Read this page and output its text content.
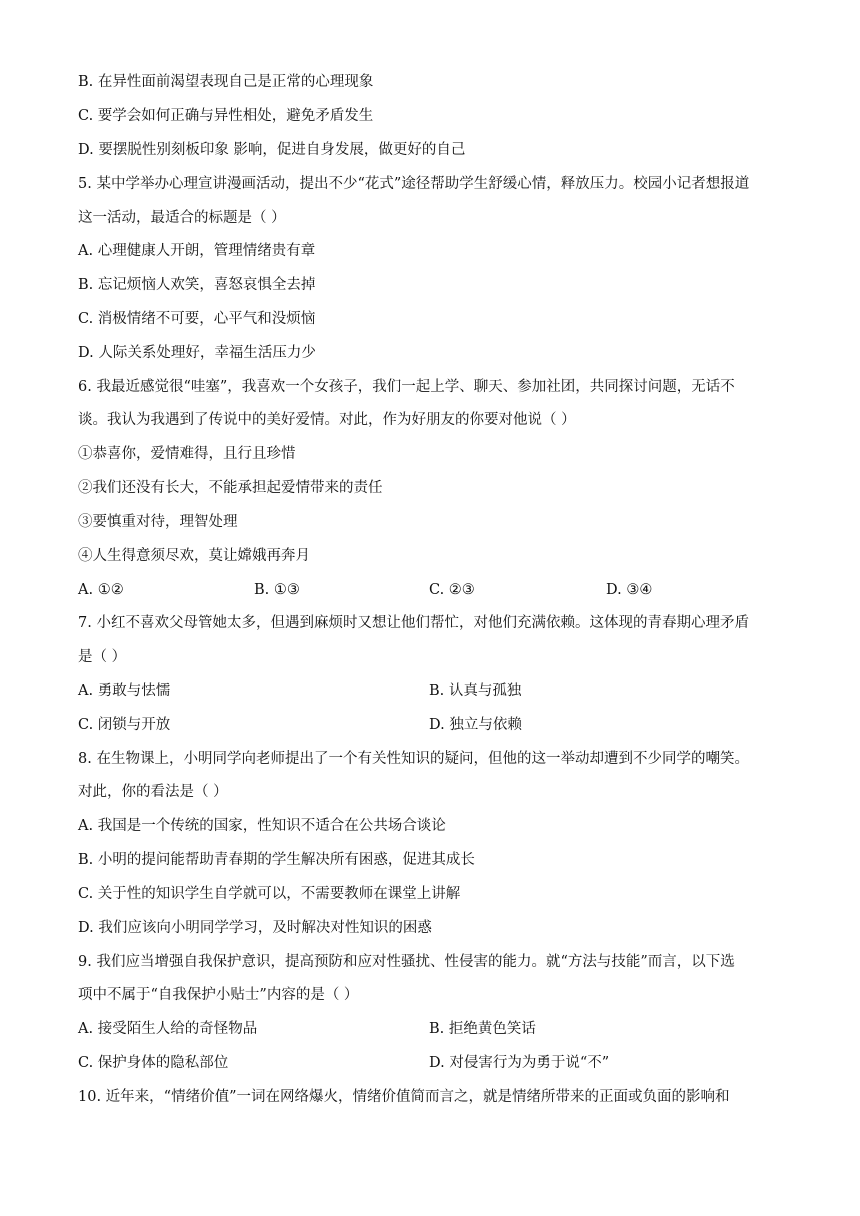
B. 在异性面前渴望表现自己是正常的心理现象
C. 要学会如何正确与异性相处，避免矛盾发生
D. 要摆脱性别刻板印象 影响，促进自身发展，做更好的自己
5. 某中学举办心理宣讲漫画活动，提出不少“花式”途径帮助学生舒缓心情，释放压力。校园小记者想报道
这一活动，最适合的标题是（ ）
A. 心理健康人开朗，管理情绪贵有章
B. 忘记烦恼人欢笑，喜怒哀惧全去掉
C. 消极情绪不可要，心平气和没烦恼
D. 人际关系处理好，幸福生活压力少
6. 我最近感觉很“哇塞”，我喜欢一个女孩子，我们一起上学、聊天、参加社团，共同探讨问题，无话不
谈。我认为我遇到了传说中的美好爱情。对此，作为好朋友的你要对他说（ ）
①恭喜你，爱情难得，且行且珍惜
②我们还没有长大，不能承担起爱情带来的责任
③要慎重对待，理智处理
④人生得意须尽欢，莫让嫦娥再奔月
A. ①②	B. ①③	C. ②③	D. ③④
7. 小红不喜欢父母管她太多，但遇到麻烦时又想让他们帮忙，对他们充满依赖。这体现的青春期心理矛盾
是（ ）
A. 勇敢与怯懦	B. 认真与孤独
C. 闭锁与开放	D. 独立与依赖
8. 在生物课上，小明同学向老师提出了一个有关性知识的疑问，但他的这一举动却遭到不少同学的嘲笑。
对此，你的看法是（ ）
A. 我国是一个传统的国家，性知识不适合在公共场合谈论
B. 小明的提问能帮助青春期的学生解决所有困惑，促进其成长
C. 关于性的知识学生自学就可以，不需要教师在课堂上讲解
D. 我们应该向小明同学学习，及时解决对性知识的困惑
9. 我们应当增强自我保护意识，提高预防和应对性骚扰、性侵害的能力。就“方法与技能”而言，以下选
项中不属于“自我保护小贴士”内容的是（ ）
A. 接受陌生人给的奇怪物品	B. 拒绝黄色笑话
C. 保护身体的隐私部位	D. 对侵害行为为勇于说“不”
10. 近年来，“情绪价值”一词在网络爆火，情绪价值简而言之，就是情绪所带来的正面或负面的影响和
